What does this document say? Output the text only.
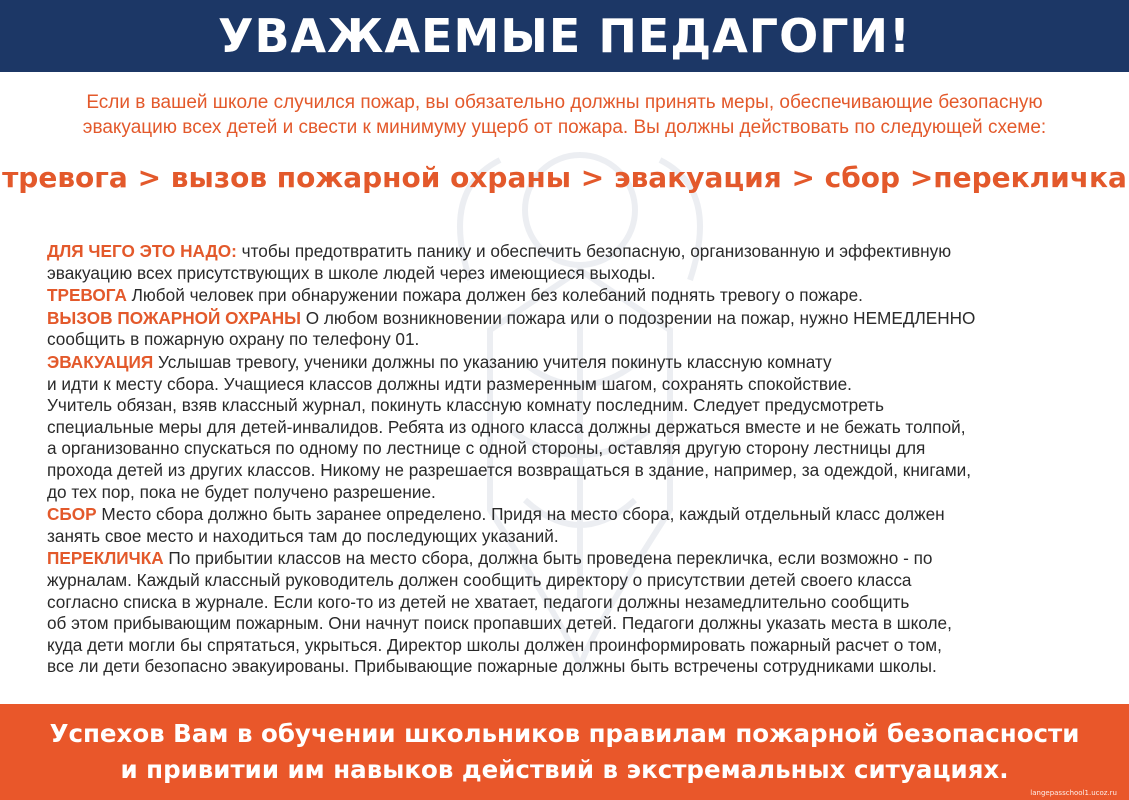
УВАЖАЕМЫЕ ПЕДАГОГИ!
Если в вашей школе случился пожар, вы обязательно должны принять меры, обеспечивающие безопасную
эвакуацию всех детей и свести к минимуму ущерб от пожара. Вы должны действовать по следующей схеме:
тревога > вызов пожарной охраны > эвакуация > сбор >перекличка
ДЛЯ ЧЕГО ЭТО НАДО: чтобы предотвратить панику и обеспечить безопасную, организованную и эффективную
эвакуацию всех присутствующих в школе людей через имеющиеся выходы.
ТРЕВОГА Любой человек при обнаружении пожара должен без колебаний поднять тревогу о пожаре.
ВЫЗОВ ПОЖАРНОЙ ОХРАНЫ О любом возникновении пожара или о подозрении на пожар, нужно НЕМЕДЛЕННО
сообщить в пожарную охрану по телефону 01.
ЭВАКУАЦИЯ Услышав тревогу, ученики должны по указанию учителя покинуть классную комнату
и идти к месту сбора. Учащиеся классов должны идти размеренным шагом, сохранять спокойствие.
Учитель обязан, взяв классный журнал, покинуть классную комнату последним. Следует предусмотреть
специальные меры для детей-инвалидов. Ребята из одного класса должны держаться вместе и не бежать толпой,
а организованно спускаться по одному по лестнице с одной стороны, оставляя другую сторону лестницы для
прохода детей из других классов. Никому не разрешается возвращаться в здание, например, за одеждой, книгами,
до тех пор, пока не будет получено разрешение.
СБОР Место сбора должно быть заранее определено. Придя на место сбора, каждый отдельный класс должен
занять свое место и находиться там до последующих указаний.
ПЕРЕКЛИЧКА По прибытии классов на место сбора, должна быть проведена перекличка, если возможно - по
журналам. Каждый классный руководитель должен сообщить директору о присутствии детей своего класса
согласно списка в журнале. Если кого-то из детей не хватает, педагоги должны незамедлительно сообщить
об этом прибывающим пожарным. Они начнут поиск пропавших детей. Педагоги должны указать места в школе,
куда дети могли бы спрятаться, укрыться. Директор школы должен проинформировать пожарный расчет о том,
все ли дети безопасно эвакуированы. Прибывающие пожарные должны быть встречены сотрудниками школы.
Успехов Вам в обучении школьников правилам пожарной безопасности
и привитии им навыков действий в экстремальных ситуациях.
langepasschool1.ucoz.ru
